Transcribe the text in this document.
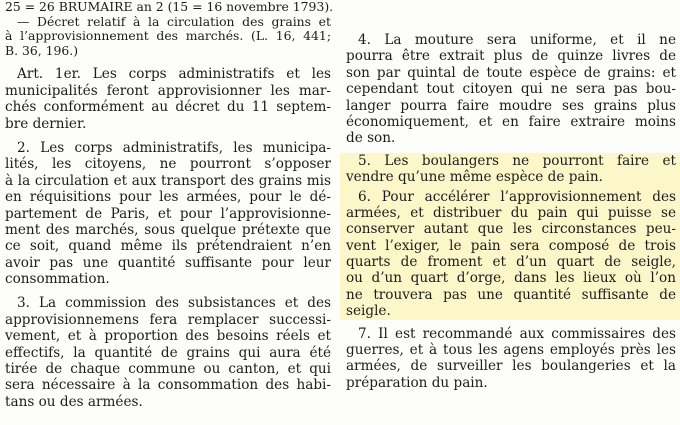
25 = 26 BRUMAIRE an 2 (15 = 16 novembre 1793).
— Décret relatif à la circulation des grains et
à l’approvisionnement des marchés. (L. 16, 441;
B. 36, 196.)
Art. 1er. Les corps administratifs et les
municipalités feront approvisionner les mar-
chés conformément au décret du 11 septem-
bre dernier.
2. Les corps administratifs, les municipa-
lités, les citoyens, ne pourront s’opposer
à la circulation et aux transport des grains mis
en réquisitions pour les armées, pour le dé-
partement de Paris, et pour l’approvisionne-
ment des marchés, sous quelque prétexte que
ce soit, quand même ils prétendraient n’en
avoir pas une quantité suffisante pour leur
consommation.
3. La commission des subsistances et des
approvisionnemens fera remplacer successi-
vement, et à proportion des besoins réels et
effectifs, la quantité de grains qui aura été
tirée de chaque commune ou canton, et qui
sera nécessaire à la consommation des habi-
tans ou des armées.
4. La mouture sera uniforme, et il ne
pourra être extrait plus de quinze livres de
son par quintal de toute espèce de grains: et
cependant tout citoyen qui ne sera pas bou-
langer pourra faire moudre ses grains plus
économiquement, et en faire extraire moins
de son.
5. Les boulangers ne pourront faire et
vendre qu’une même espèce de pain.
6. Pour accélérer l’approvisionnement des
armées, et distribuer du pain qui puisse se
conserver autant que les circonstances peu-
vent l’exiger, le pain sera composé de trois
quarts de froment et d’un quart de seigle,
ou d’un quart d’orge, dans les lieux où l’on
ne trouvera pas une quantité suffisante de
seigle.
7. Il est recommandé aux commissaires des
guerres, et à tous les agens employés près les
armées, de surveiller les boulangeries et la
préparation du pain.
